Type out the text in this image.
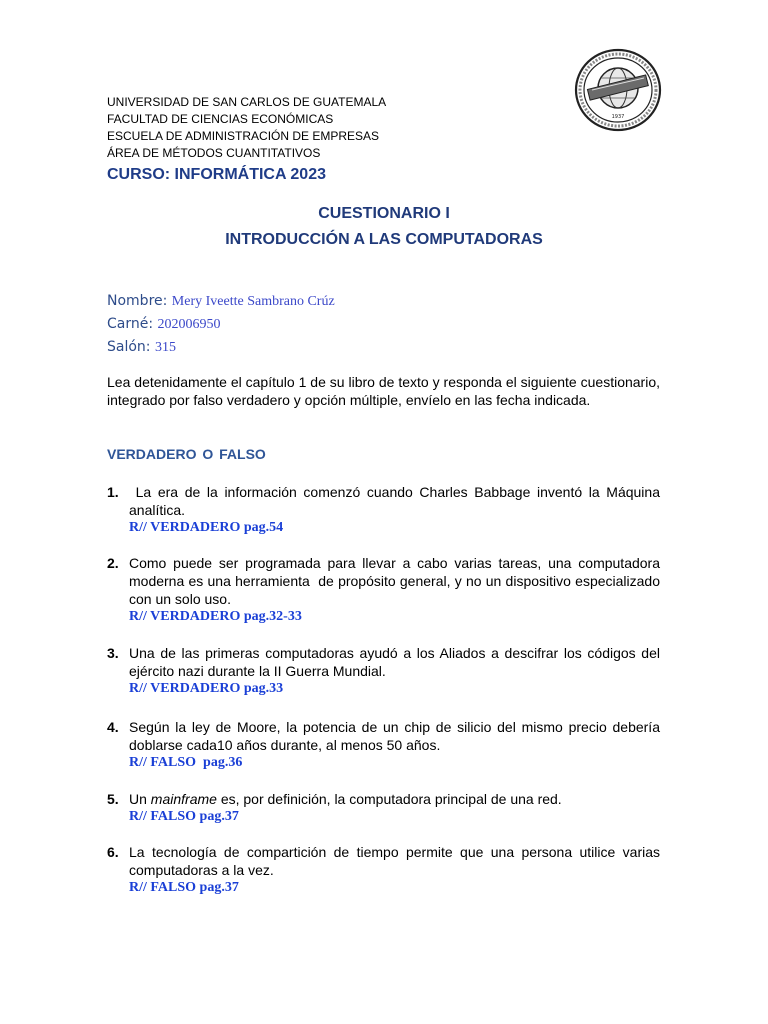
1937
UNIVERSIDAD DE SAN CARLOS DE GUATEMALA
FACULTAD DE CIENCIAS ECONÓMICAS
ESCUELA DE ADMINISTRACIÓN DE EMPRESAS
ÁREA DE MÉTODOS CUANTITATIVOS
CURSO: INFORMÁTICA 2023
CUESTIONARIO I
INTRODUCCIÓN A LAS COMPUTADORAS
Nombre: Mery Iveette Sambrano Crúz
Carné: 202006950
Salón: 315

Lea detenidamente el capítulo 1 de su libro de texto y responda el siguiente cuestionario, integrado por falso verdadero y opción múltiple, envíelo en las fecha indicada.

VERDADERO O FALSO
1. La era de la información comenzó cuando Charles Babbage inventó la Máquina analítica.
R// VERDADERO pag.54
2. Como puede ser programada para llevar a cabo varias tareas, una computadora  moderna es una herramienta  de propósito general, y no un dispositivo especializado con un solo uso.
R// VERDADERO pag.32-33
3. Una de las primeras computadoras ayudó a los Aliados a descifrar los códigos del ejército nazi durante la II Guerra Mundial.
R// VERDADERO pag.33
4. Según la ley de Moore, la potencia de un chip de silicio del mismo precio debería doblarse cada10 años durante, al menos 50 años.
R// FALSO  pag.36
5. Un mainframe es, por definición, la computadora principal de una red.
R// FALSO pag.37
6. La tecnología de compartición de tiempo permite que una persona utilice varias computadoras a la vez.
R// FALSO pag.37
